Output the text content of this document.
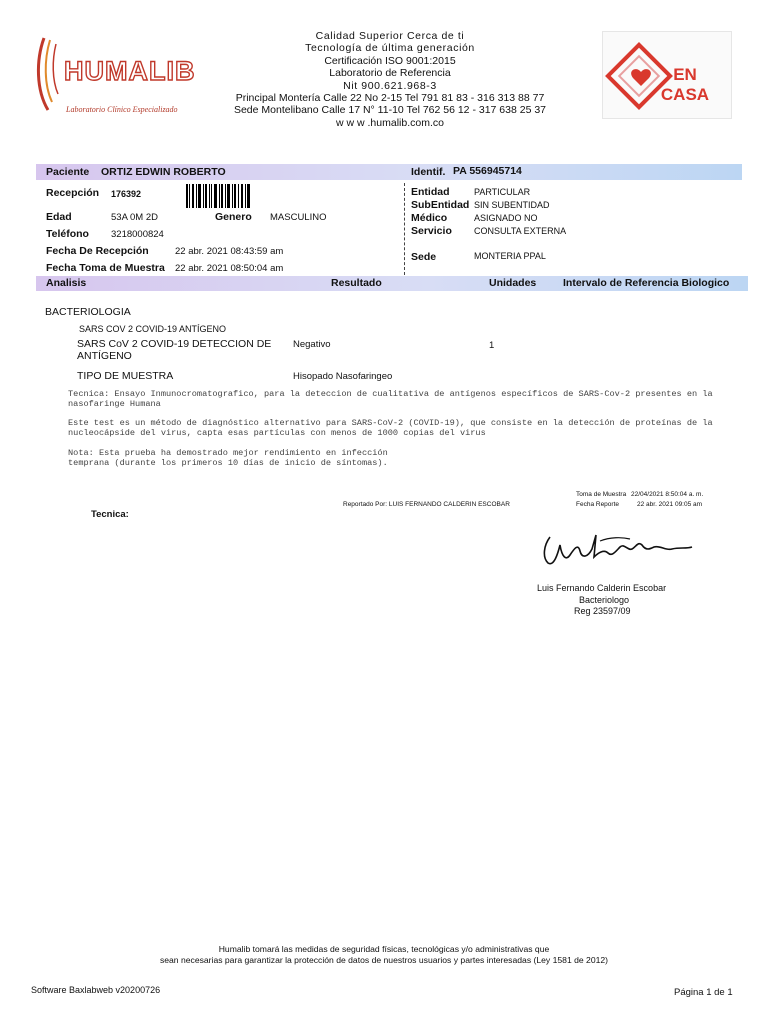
HUMALIB
Laboratorio Clínico Especializado
Calidad Superior Cerca de ti
Tecnología de última generación
Certificación ISO 9001:2015
Laboratorio de Referencia
Nit 900.621.968-3
Principal Montería Calle 22 No 2-15 Tel 791 81 83 - 316 313 88 77
Sede Montelibano Calle 17 N° 11-10 Tel 762 56 12 - 317 638 25 37
w w w .humalib.com.co
EN
CASA
Paciente ORTIZ EDWIN ROBERTO	Identif. PA 556945714
Recepción 176392
Edad	53A 0M 2D	Genero MASCULINO
Teléfono 3218000824
Fecha De Recepción	22 abr. 2021 08:43:59 am
Fecha Toma de Muestra 22 abr. 2021 08:50:04 am
Entidad	PARTICULAR
SubEntidad SIN SUBENTIDAD
Médico	ASIGNADO NO
Servicio CONSULTA EXTERNA
Sede	MONTERIA PPAL
Analisis	Resultado	Unidades	Intervalo de Referencia Biologico
BACTERIOLOGIA
SARS COV 2 COVID-19 ANTÍGENO
SARS CoV 2 COVID-19 DETECCION DE
ANTÍGENO
Negativo	1
TIPO DE MUESTRA	Hisopado Nasofaringeo
Tecnica: Ensayo Inmunocromatografico, para la deteccion de cualitativa de antígenos específicos de SARS-Cov-2 presentes en la
nasofaringe Humana
Este test es un método de diagnóstico alternativo para SARS-CoV-2 (COVID-19), que consiste en la detección de proteínas de la
nucleocápside del virus, capta esas partículas con menos de 1000 copias del virus
Nota: Esta prueba ha demostrado mejor rendimiento en infección
temprana (durante los primeros 10 días de inicio de síntomas).
Reportado Por: LUIS FERNANDO CALDERIN ESCOBAR
Toma de Muestra 22/04/2021 8:50:04 a. m.
Fecha Reporte	22 abr. 2021 09:05 am
Tecnica:
Luis Fernando Calderin Escobar
Bacteriologo
Reg 23597/09
Humalib tomará las medidas de seguridad físicas, tecnológicas y/o administrativas que
sean necesarias para garantizar la protección de datos de nuestros usuarios y partes interesadas (Ley 1581 de 2012)
Software Baxlabweb v20200726	Página 1 de 1
